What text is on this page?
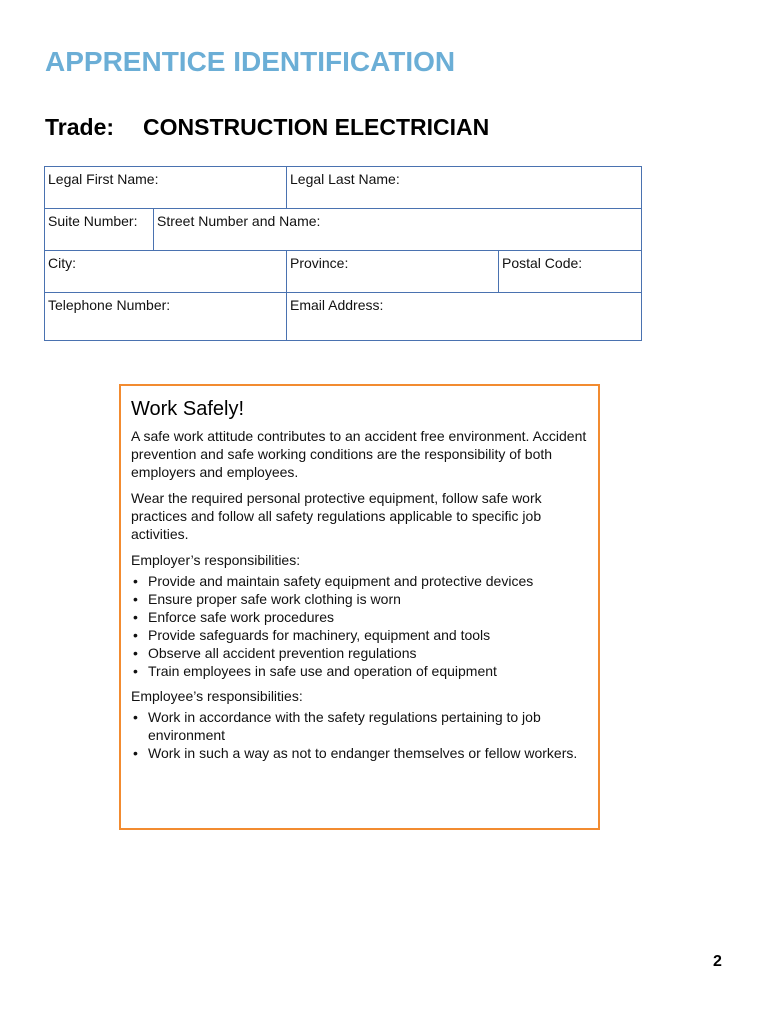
APPRENTICE IDENTIFICATION
Trade: CONSTRUCTION ELECTRICIAN
Legal First Name:	Legal Last Name:
Suite Number:	Street Number and Name:
City:	Province:	Postal Code:
Telephone Number:	Email Address:
Work Safely!

A safe work attitude contributes to an accident free environment. Accident prevention and safe working conditions are the responsibility of both employers and employees.

Wear the required personal protective equipment, follow safe work practices and follow all safety regulations applicable to specific job activities.

Employer’s responsibilities:

• Provide and maintain safety equipment and protective devices
• Ensure proper safe work clothing is worn
• Enforce safe work procedures
• Provide safeguards for machinery, equipment and tools
• Observe all accident prevention regulations
• Train employees in safe use and operation of equipment

Employee’s responsibilities:

• Work in accordance with the safety regulations pertaining to job environment
• Work in such a way as not to endanger themselves or fellow workers.
2
